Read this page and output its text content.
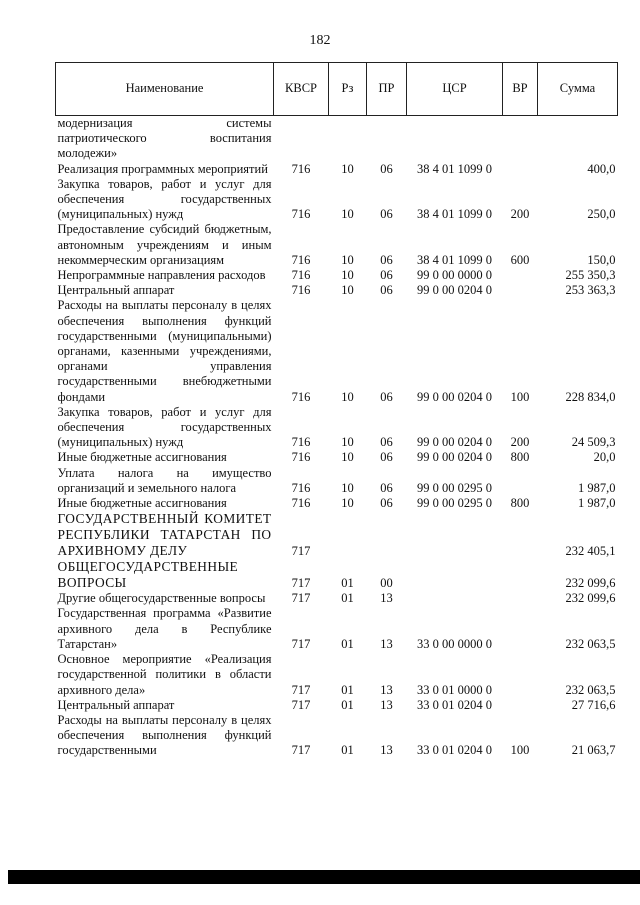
182
Наименование	КВСР	Рз	ПР	ЦСР	ВР	Сумма
модернизация системы патриотического воспитания молодежи»						
Реализация программных мероприятий	716	10	06	38 4 01 1099 0		400,0
Закупка товаров, работ и услуг для обеспечения государственных (муниципальных) нужд	716	10	06	38 4 01 1099 0	200	250,0
Предоставление субсидий бюджетным, автономным учреждениям и иным некоммерческим организациям	716	10	06	38 4 01 1099 0	600	150,0
Непрограммные направления расходов	716	10	06	99 0 00 0000 0		255 350,3
Центральный аппарат	716	10	06	99 0 00 0204 0		253 363,3
Расходы на выплаты персоналу в целях обеспечения выполнения функций государственными (муниципальными) органами, казенными учреждениями, органами управления государственными внебюджетными фондами	716	10	06	99 0 00 0204 0	100	228 834,0
Закупка товаров, работ и услуг для обеспечения государственных (муниципальных) нужд	716	10	06	99 0 00 0204 0	200	24 509,3
Иные бюджетные ассигнования	716	10	06	99 0 00 0204 0	800	20,0
Уплата налога на имущество организаций и земельного налога	716	10	06	99 0 00 0295 0		1 987,0
Иные бюджетные ассигнования	716	10	06	99 0 00 0295 0	800	1 987,0
ГОСУДАРСТВЕННЫЙ КОМИТЕТ РЕСПУБЛИКИ ТАТАРСТАН ПО АРХИВНОМУ ДЕЛУ	717					232 405,1
ОБЩЕГОСУДАРСТВЕННЫЕ ВОПРОСЫ	717	01	00			232 099,6
Другие общегосударственные вопросы	717	01	13			232 099,6
Государственная программа «Развитие архивного дела в Республике Татарстан»	717	01	13	33 0 00 0000 0		232 063,5
Основное мероприятие «Реализация государственной политики в области архивного дела»	717	01	13	33 0 01 0000 0		232 063,5
Центральный аппарат	717	01	13	33 0 01 0204 0		27 716,6
Расходы на выплаты персоналу в целях обеспечения выполнения функций государственными	717	01	13	33 0 01 0204 0	100	21 063,7
